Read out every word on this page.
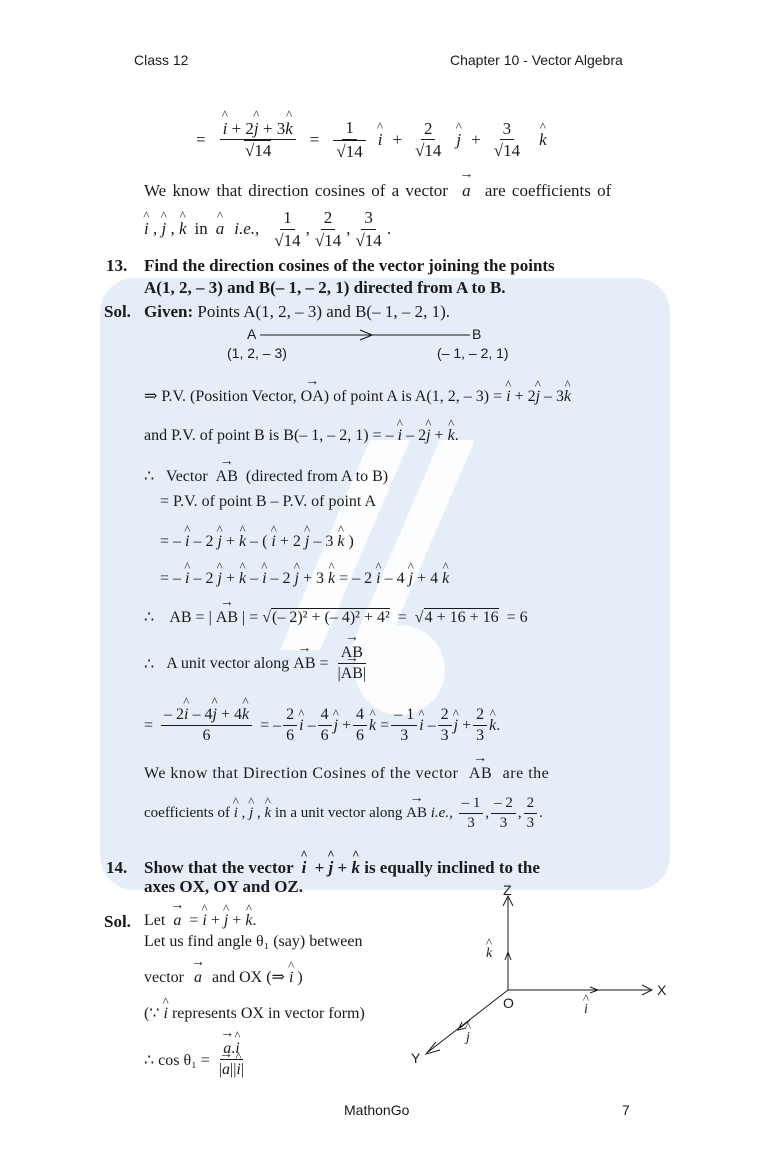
Class 12	Chapter 10 - Vector Algebra
= ^ $\frac{i + 2\^{} j + 3\^{} k}{√14} = \frac{1}{√14}$ ^ $i + \frac{2}{√14}$ ^ $j + \frac{3}{√14}$ ^ k
We know that direction cosines of a vector → a are coefficients of
^ i , ^ j , ^ k in ^ a i.e., $\frac{1}{√14}$ , $\frac{2}{√14}$ , $\frac{3}{√14}$ .
13. Find the direction cosines of the vector joining the points
A(1, 2, – 3) and B(– 1, – 2, 1) directed from A to B.
Sol. Given: Points A(1, 2, – 3) and B(– 1, – 2, 1).
A	B
(1, 2, – 3)	(– 1, – 2, 1)
⇒ P.V. (Position Vector, → OA) of point A is A(1, 2, – 3) = ^ i + 2^ j – 3^ k
and P.V. of point B is B(– 1, – 2, 1) = – ^ i – 2^ j + ^ k.
∴ Vector → AB (directed from A to B)
= P.V. of point B – P.V. of point A
= – ^ i – 2 ^ j + ^ k – ( ^ i + 2 ^ j – 3 ^ k )
= – ^ i – 2 ^ j + ^ k – ^ i – 2 ^ j + 3 ^ k = – 2 ^ i – 4 ^ j + 4 ^ k
∴ AB = | → AB | = √(– 2)² + (– 4)² + 4²  =  √4 + 16 + 16 = 6
∴
A unit vector along
→ AB = → $\frac{AB}{|\to AB|}$
= $\frac{- 2\^{} i - 4\^{} j + 4\^{} k}{6}$ = – $\frac{2}{6}$ ^ i – $\frac{4}{6}$ ^ $j + \frac{4}{6}$ ^ $k = \frac{- 1}{3}$ ^ i – $\frac{2}{3}$ ^ $j + \frac{2}{3}$ ^ k .
We know that Direction Cosines of the vector → AB are the
coefficients of
^ i , ^ j , ^ k
in a unit vector along
→ AB
i.e.,
$\frac{- 1}{3}$ , $\frac{- 2}{3}$ , $\frac{2}{3}$ .
14. Show that the vector ^ i + ^ j + ^ k is equally inclined to the
axes OX, OY and OZ.
Sol. Let → a = ^ i + ^ j + ^ k.
Let us find angle θ₁ (say) between
vector → a and OX (⇒ ^ i )
(∵ ^ i represents OX in vector form)
∴ cos θ₁ =
→ $\frac{a.\^{} i}{|\to a||\^{} i|}$
Z
X
Y
O
^ k
^ i
^ j
MathonGo	7
